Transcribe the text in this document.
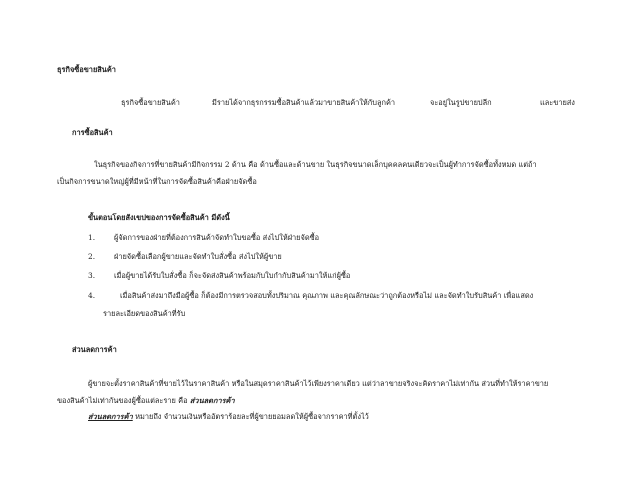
ธุรกิจซื้อขายสินค้า
ธุรกิจซื้อขายสินค้า	มีรายได้จากธุรกรรมซื้อสินค้าแล้วมาขายสินค้าให้กับลูกค้า	จะอยู่ในรูปขายปลีก	และขายส่ง
การซื้อสินค้า
ในธุรกิจของกิจการที่ขายสินค้ามีกิจกรรม 2 ด้าน คือ ด้านซื้อและด้านขาย ในธุรกิจขนาดเล็กบุคคลคนเดียวจะเป็นผู้ทำการจัดซื้อทั้งหมด แต่ถ้า
เป็นกิจการขนาดใหญ่ผู้ที่มีหน้าที่ในการจัดซื้อสินค้าคือฝ่ายจัดซื้อ
ขั้นตอนโดยสังเขปของการจัดซื้อสินค้า มีดังนี้
1.	ผู้จัดการของฝ่ายที่ต้องการสินค้าจัดทำใบขอซื้อ ส่งไปให้ฝ่ายจัดซื้อ
2.	ฝ่ายจัดซื้อเลือกผู้ขายและจัดทำใบสั่งซื้อ ส่งไปให้ผู้ขาย
3.	เมื่อผู้ขายได้รับใบสั่งซื้อ ก็จะจัดส่งสินค้าพร้อมกับใบกำกับสินค้ามาให้แก่ผู้ซื้อ
4.	เมื่อสินค้าส่งมาถึงมือผู้ซื้อ ก็ต้องมีการตรวจสอบทั้งปริมาณ คุณภาพ และคุณลักษณะว่าถูกต้องหรือไม่ และจัดทำใบรับสินค้า เพื่อแสดง
รายละเอียดของสินค้าที่รับ
ส่วนลดการค้า
ผู้ขายจะตั้งราคาสินค้าที่ขายไว้ในราคาสินค้า หรือในสมุดราคาสินค้าไว้เพียงราคาเดียว แต่ว่าลาขายจริงจะคิดราคาไม่เท่ากัน ส่วนที่ทำให้ราคาขาย
ของสินค้าไม่เท่ากันของผู้ซื้อแต่ละราย คือ ส่วนลดการค้า
ส่วนลดการค้า หมายถึง จำนวนเงินหรืออัตราร้อยละที่ผู้ขายยอมลดให้ผู้ซื้อจากราคาที่ตั้งไว้
